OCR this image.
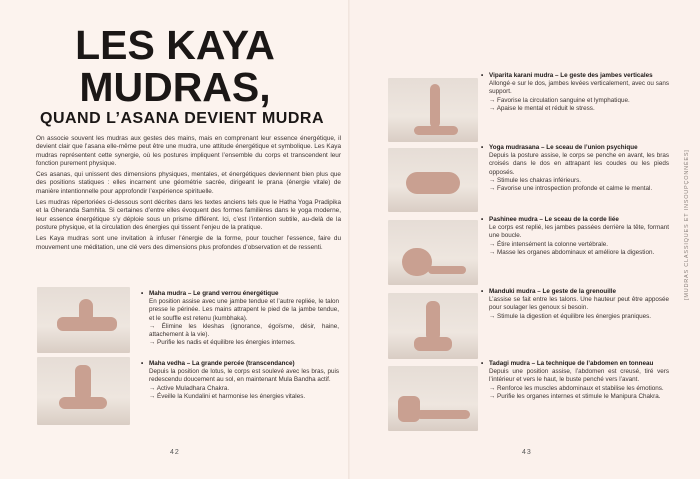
LES KAYA MUDRAS,
QUAND L’ASANA DEVIENT MUDRA

On associe souvent les mudras aux gestes des mains, mais en comprenant leur essence énergétique, il devient clair que l’asana elle-même peut être une mudra, une attitude énergétique et symbolique. Les Kaya mudras représentent cette synergie, où les postures impliquent l’ensemble du corps et transcendent leur fonction purement physique.

Ces asanas, qui unissent des dimensions physiques, mentales, et énergétiques deviennent bien plus que des positions statiques : elles incarnent une géométrie sacrée, dirigeant le prana (énergie vitale) de manière intentionnelle pour approfondir l’expérience spirituelle.

Les mudras répertoriées ci-dessous sont décrites dans les textes anciens tels que le Hatha Yoga Pradipika et la Gheranda Samhita. Si certaines d’entre elles évoquent des formes familières dans le yoga moderne, leur essence énergétique s’y déploie sous un prisme différent. Ici, c’est l’intention subtile, au-delà de la posture physique, et la circulation des énergies qui tissent l’enjeu de la pratique.

Les Kaya mudras sont une invitation à infuser l’énergie de la forme, pour toucher l’essence, faire du mouvement une méditation, une clé vers des dimensions plus profondes d’observation et de ressenti.

• Maha mudra – Le grand verrou énergétique
En position assise avec une jambe tendue et l’autre repliée, le talon presse le périnée. Les mains attrapent le pied de la jambe tendue, et le souffle est retenu (kumbhaka).
→ Élimine les kleshas (ignorance, égoïsme, désir, haine, attachement à la vie).
→ Purifie les nadis et équilibre les énergies internes.
• Maha vedha – La grande percée (transcendance)
Depuis la position de lotus, le corps est soulevé avec les bras, puis redescendu doucement au sol, en maintenant Mula Bandha actif.
→ Active Muladhara Chakra.
→ Éveille la Kundalini et harmonise les énergies vitales.
42
• Viparita karani mudra – Le geste des jambes verticales
Allongé·e sur le dos, jambes levées verticalement, avec ou sans support.
→ Favorise la circulation sanguine et lymphatique.
→ Apaise le mental et réduit le stress.
• Yoga mudrasana – Le sceau de l’union psychique
Depuis la posture assise, le corps se penche en avant, les bras croisés dans le dos en attrapant les coudes ou les pieds opposés.
→ Stimule les chakras inférieurs.
→ Favorise une introspection profonde et calme le mental.
• Pashinee mudra – Le sceau de la corde liée
Le corps est replié, les jambes passées derrière la tête, formant une boucle.
→ Étire intensément la colonne vertébrale.
→ Masse les organes abdominaux et améliore la digestion.
• Manduki mudra – Le geste de la grenouille
L’assise se fait entre les talons. Une hauteur peut être apposée pour soulager les genoux si besoin.
→ Stimule la digestion et équilibre les énergies praniques.
• Tadagi mudra – La technique de l’abdomen en tonneau
Depuis une position assise, l’abdomen est creusé, tiré vers l’intérieur et vers le haut, le buste penché vers l’avant.
→ Renforce les muscles abdominaux et stabilise les émotions.
→ Purifie les organes internes et stimule le Manipura Chakra.
43
[MUDRAS CLASSIQUES ET INSOUPÇONNÉES]
